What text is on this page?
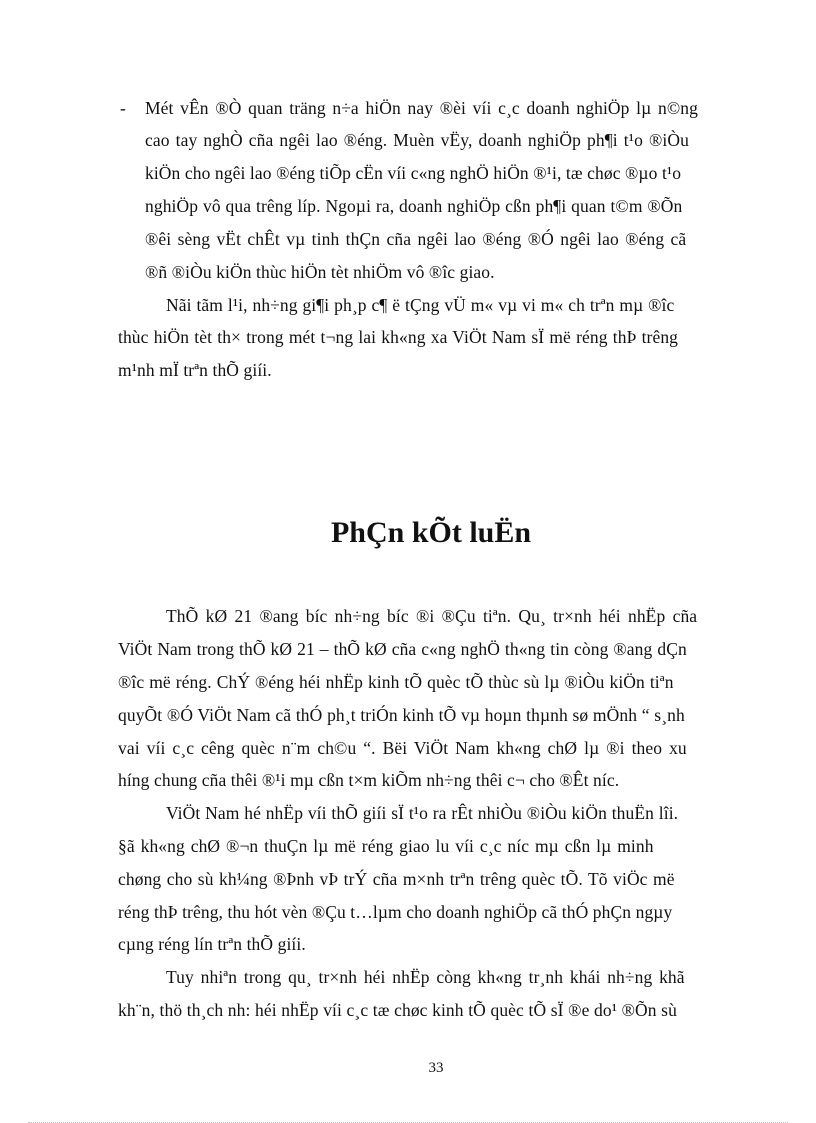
- Mét vÊn ®Ò quan träng n÷a hiÖn nay ®èi víi c¸c doanh nghiÖp lµ n©ng
cao tay nghÒ cña ngêi lao ®éng. Muèn vËy, doanh nghiÖp ph¶i t¹o ®iÒu
kiÖn cho ngêi lao ®éng tiÕp cËn víi c«ng nghÖ hiÖn ®¹i, tæ chøc ®µo t¹o
nghiÖp vô qua trêng líp. Ngoµi ra, doanh nghiÖp cßn ph¶i quan t©m ®Õn
®êi sèng vËt chÊt vµ tinh thÇn cña ngêi lao ®éng ®Ó ngêi lao ®éng cã
®ñ ®iÒu kiÖn thùc hiÖn tèt nhiÖm vô ®îc giao.
Nãi tãm l¹i, nh÷ng gi¶i ph¸p c¶ ë tÇng vÜ m« vµ vi m« ch trªn mµ ®îc
thùc hiÖn tèt th× trong mét t¬ng lai kh«ng xa ViÖt Nam sÏ më réng thÞ trêng
m¹nh mÏ trªn thÕ giíi.
PhÇn kÕt luËn
ThÕ kØ 21 ®ang bíc nh÷ng bíc ®i ®Çu tiªn. Qu¸ tr×nh héi nhËp cña
ViÖt Nam trong thÕ kØ 21 – thÕ kØ cña c«ng nghÖ th«ng tin còng ®ang dÇn
®îc më réng. ChÝ ®éng héi nhËp kinh tÕ quèc tÕ thùc sù lµ ®iÒu kiÖn tiªn
quyÕt ®Ó ViÖt Nam cã thÓ ph¸t triÓn kinh tÕ vµ hoµn thµnh sø mÖnh “ s¸nh
vai víi c¸c cêng quèc n¨m ch©u “. Bëi ViÖt Nam kh«ng chØ lµ ®i theo xu
híng chung cña thêi ®¹i mµ cßn t×m kiÕm nh÷ng thêi c¬ cho ®Êt níc.
ViÖt Nam hé nhËp víi thÕ giíi sÏ t¹o ra rÊt nhiÒu ®iÒu kiÖn thuËn lîi.
§ã kh«ng chØ ®¬n thuÇn lµ më réng giao lu víi c¸c níc mµ cßn lµ minh
chøng cho sù kh¼ng ®Þnh vÞ trÝ cña m×nh trªn trêng quèc tÕ. Tõ viÖc më
réng thÞ trêng, thu hót vèn ®Çu t…lµm cho doanh nghiÖp cã thÓ phÇn ngµy
cµng réng lín trªn thÕ giíi.
Tuy nhiªn trong qu¸ tr×nh héi nhËp còng kh«ng tr¸nh khái nh÷ng khã
kh¨n, thö th¸ch nh: héi nhËp víi c¸c tæ chøc kinh tÕ quèc tÕ sÏ ®e do¹ ®Õn sù
33
